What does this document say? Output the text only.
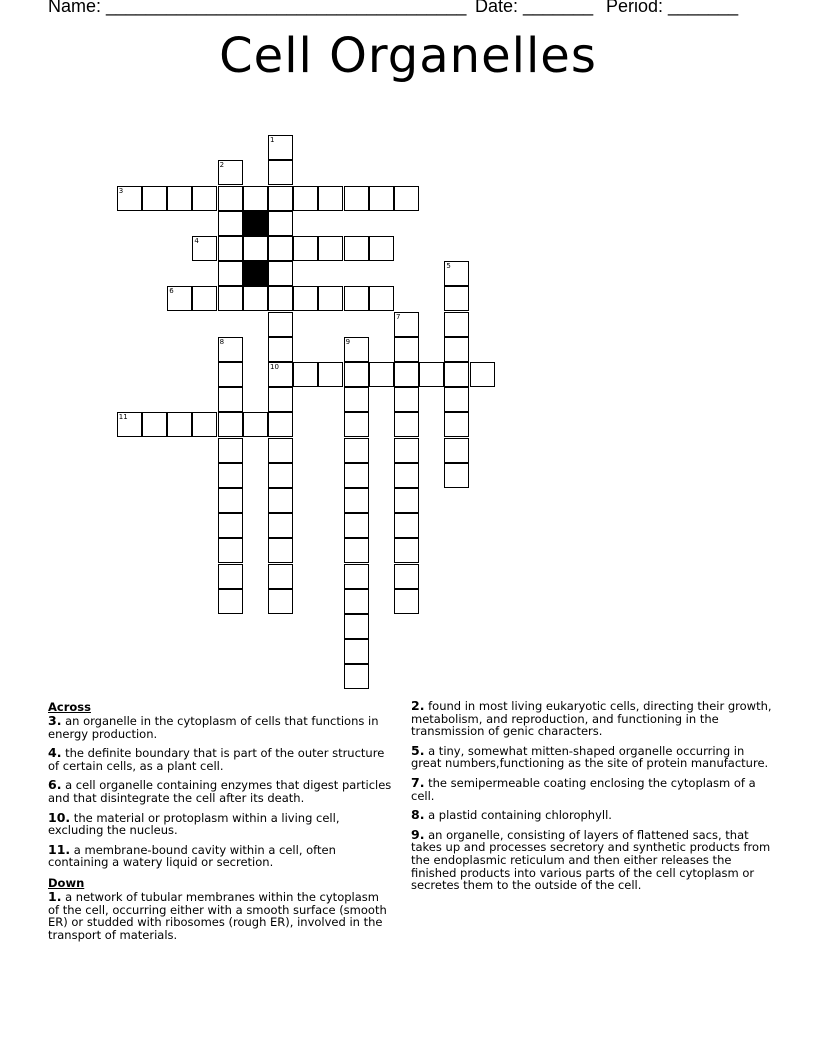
Name: ____________________________________ Date: _______ Period: _______
Cell Organelles
1
2
3
4
5
6
7
8	9
10
11
Across
3. an organelle in the cytoplasm of cells that functions in energy production.
4. the definite boundary that is part of the outer structure of certain cells, as a plant cell.
6. a cell organelle containing enzymes that digest particles and that disintegrate the cell after its death.
10. the material or protoplasm within a living cell, excluding the nucleus.
11. a membrane-bound cavity within a cell, often containing a watery liquid or secretion.
Down
1. a network of tubular membranes within the cytoplasm of the cell, occurring either with a smooth surface (smooth ER) or studded with ribosomes (rough ER), involved in the transport of materials.
2. found in most living eukaryotic cells, directing their growth, metabolism, and reproduction, and functioning in the transmission of genic characters.
5. a tiny, somewhat mitten-shaped organelle occurring in great numbers,functioning as the site of protein manufacture.
7. the semipermeable coating enclosing the cytoplasm of a cell.
8. a plastid containing chlorophyll.
9. an organelle, consisting of layers of flattened sacs, that takes up and processes secretory and synthetic products from the endoplasmic reticulum and then either releases the finished products into various parts of the cell cytoplasm or secretes them to the outside of the cell.
